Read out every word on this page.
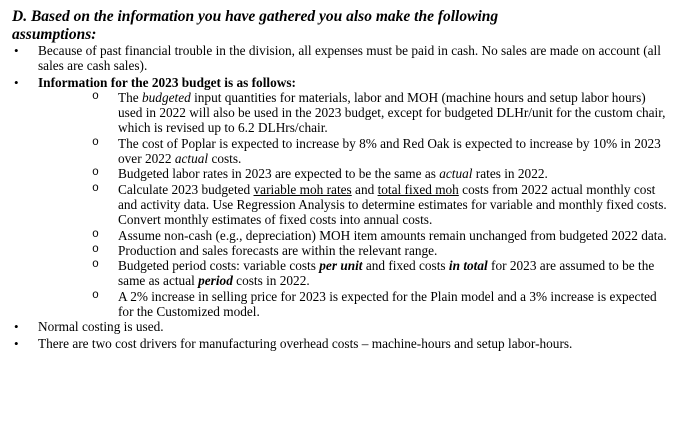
D. Based on the information you have gathered you also make the following
assumptions:

• Because of past financial trouble in the division, all expenses must be paid in cash. No sales are made on account (all sales are cash sales).
• Information for the 2023 budget is as follows:
o The budgeted input quantities for materials, labor and MOH (machine hours and setup labor hours) used in 2022 will also be used in the 2023 budget, except for budgeted DLHr/unit for the custom chair, which is revised up to 6.2 DLHrs/chair.
o The cost of Poplar is expected to increase by 8% and Red Oak is expected to increase by 10% in 2023 over 2022 actual costs.
o Budgeted labor rates in 2023 are expected to be the same as actual rates in 2022.
o Calculate 2023 budgeted variable moh rates and total fixed moh costs from 2022 actual monthly cost and activity data. Use Regression Analysis to determine estimates for variable and monthly fixed costs. Convert monthly estimates of fixed costs into annual costs.
o Assume non-cash (e.g., depreciation) MOH item amounts remain unchanged from budgeted 2022 data.
o Production and sales forecasts are within the relevant range.
o Budgeted period costs: variable costs per unit and fixed costs in total for 2023 are assumed to be the same as actual period costs in 2022.
o A 2% increase in selling price for 2023 is expected for the Plain model and a 3% increase is expected for the Customized model.
• Normal costing is used.
• There are two cost drivers for manufacturing overhead costs – machine-hours and setup labor-hours.
